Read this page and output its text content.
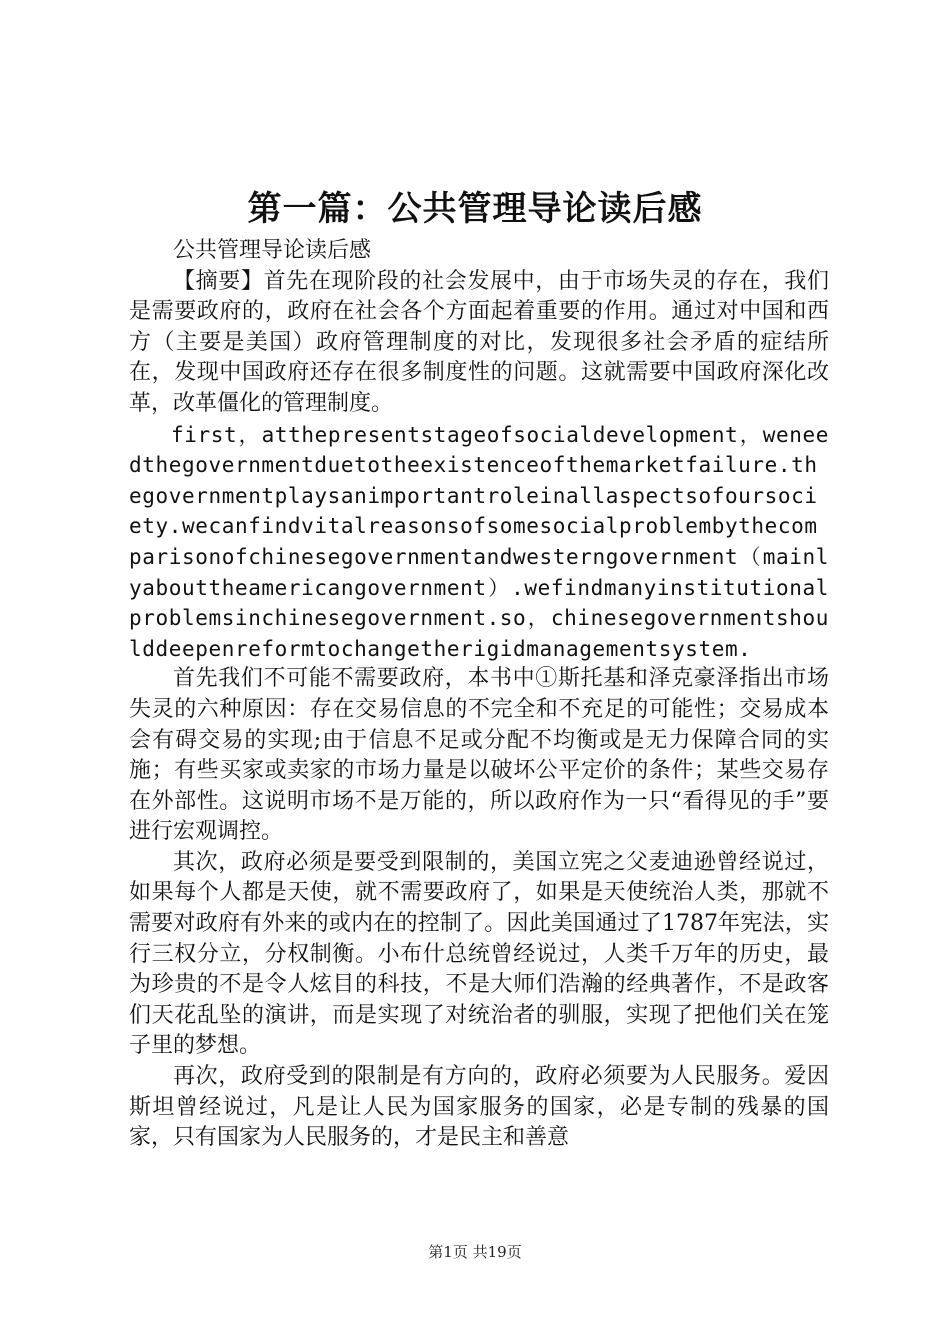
第一篇：公共管理导论读后感

公共管理导论读后感

【摘要】首先在现阶段的社会发展中，由于市场失灵的存在，我们是需要政府的，政府在社会各个方面起着重要的作用。通过对中国和西方（主要是美国）政府管理制度的对比，发现很多社会矛盾的症结所在，发现中国政府还存在很多制度性的问题。这就需要中国政府深化改革，改革僵化的管理制度。

first，atthepresentstageofsocialdevelopment，weneedthegovernmentduetotheexistenceofthemarketfailure.thegovernmentplaysanimportantroleinallaspectsofoursociety.wecanfindvitalreasonsofsomesocialproblembythecomparisonofchinesegovernmentandwesterngovernment（mainlyabouttheamericangovernment）.wefindmanyinstitutionalproblemsinchinesegovernment.so，chinesegovernmentshoulddeepenreformtochangetherigidmanagementsystem.

首先我们不可能不需要政府，本书中①斯托基和泽克豪泽指出市场失灵的六种原因：存在交易信息的不完全和不充足的可能性；交易成本会有碍交易的实现;由于信息不足或分配不均衡或是无力保障合同的实施；有些买家或卖家的市场力量是以破坏公平定价的条件；某些交易存在外部性。这说明市场不是万能的，所以政府作为一只“看得见的手”要进行宏观调控。

其次，政府必须是要受到限制的，美国立宪之父麦迪逊曾经说过，如果每个人都是天使，就不需要政府了，如果是天使统治人类，那就不需要对政府有外来的或内在的控制了。因此美国通过了1787年宪法，实行三权分立，分权制衡。小布什总统曾经说过，人类千万年的历史，最为珍贵的不是令人炫目的科技，不是大师们浩瀚的经典著作，不是政客们天花乱坠的演讲，而是实现了对统治者的驯服，实现了把他们关在笼子里的梦想。

再次，政府受到的限制是有方向的，政府必须要为人民服务。爱因斯坦曾经说过，凡是让人民为国家服务的国家，必是专制的残暴的国家，只有国家为人民服务的，才是民主和善意

第1页 共19页
